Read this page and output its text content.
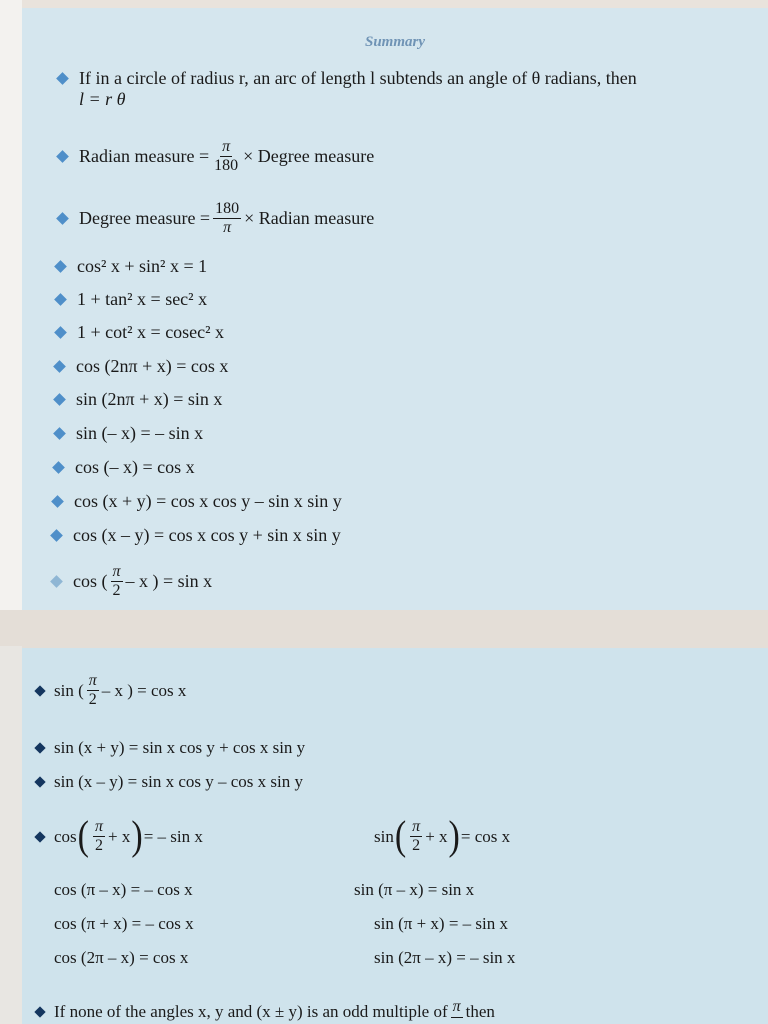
Summary
If in a circle of radius r, an arc of length l subtends an angle of θ radians, then
l = r θ
Radian measure = $\frac{\pi}{180}$ × Degree measure
Degree measure = $\frac{180}{\pi}$ × Radian measure
cos² x + sin² x = 1
1 + tan² x = sec² x
1 + cot² x = cosec² x
cos (2nπ + x) = cos x
sin (2nπ + x) = sin x
sin (– x) = – sin x
cos (– x) = cos x
cos (x + y) = cos x cos y – sin x sin y
cos (x – y) = cos x cos y + sin x sin y
cos ( $\frac{\pi}{2}$ – x ) = sin x
sin ( $\frac{\pi}{2}$ – x ) = cos x
sin (x + y) = sin x cos y + cos x sin y
sin (x – y) = sin x cos y – cos x sin y
cos ( $\frac{\pi}{2} + x$ ) = – sin x	sin ( $\frac{\pi}{2} + x$ ) = cos x
cos (π – x) = – cos x
cos (π + x) = – cos x
cos (2π – x) = cos x
sin (π – x) = sin x
sin (π + x) = – sin x
sin (2π – x) = – sin x
If none of the angles x, y and (x ± y) is an odd multiple of π then
